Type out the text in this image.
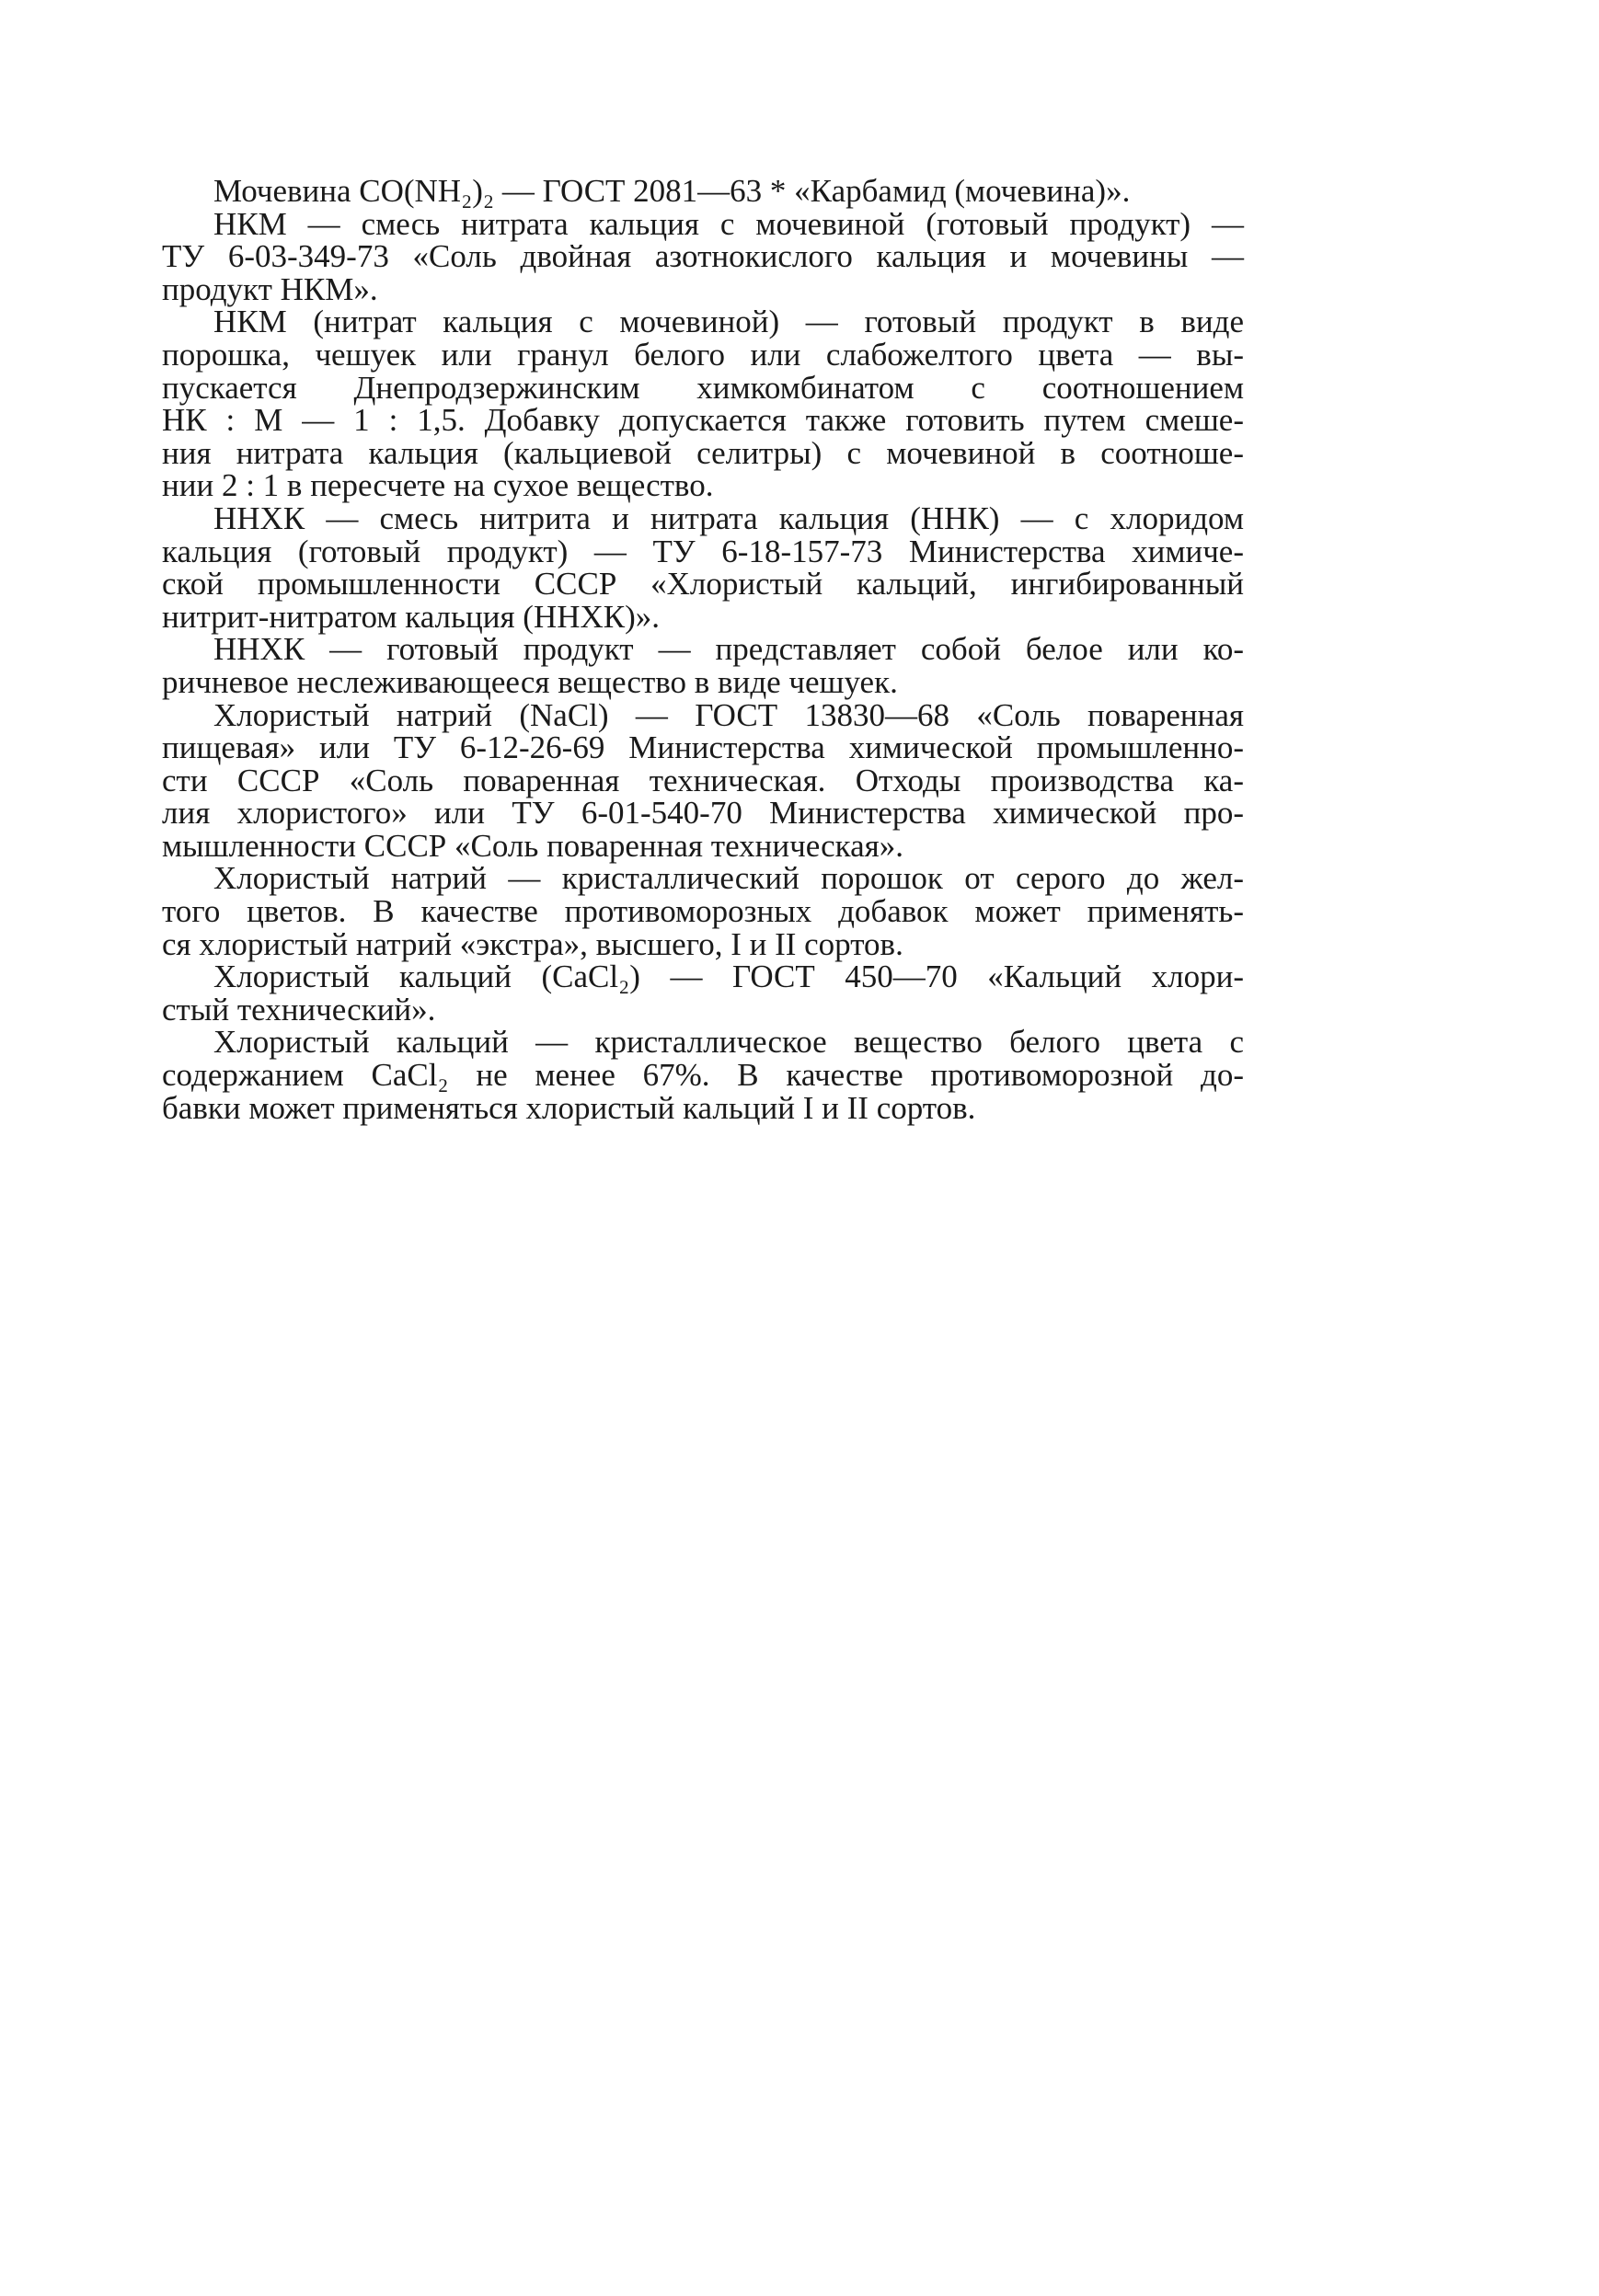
Мочевина CO(NH₂)₂ — ГОСТ 2081—63 * «Карбамид (мочевина)».

НКМ — смесь нитрата кальция с мочевиной (готовый продукт) —
ТУ 6-03-349-73 «Соль двойная азотнокислого кальция и мочевины —
продукт НКМ».

НКМ (нитрат кальция с мочевиной) — готовый продукт в виде
порошка, чешуек или гранул белого или слабожелтого цвета — вы-
пускается Днепродзержинским химкомбинатом с соотношением
НК : М — 1 : 1,5. Добавку допускается также готовить путем смеше-
ния нитрата кальция (кальциевой селитры) с мочевиной в соотноше-
нии 2 : 1 в пересчете на сухое вещество.

ННХК — смесь нитрита и нитрата кальция (ННК) — с хлоридом
кальция (готовый продукт) — ТУ 6-18-157-73 Министерства химиче-
ской промышленности СССР «Хлористый кальций, ингибированный
нитрит-нитратом кальция (ННХК)».

ННХК — готовый продукт — представляет собой белое или ко-
ричневое неслеживающееся вещество в виде чешуек.

Хлористый натрий (NaCl) — ГОСТ 13830—68 «Соль поваренная
пищевая» или ТУ 6-12-26-69 Министерства химической промышленно-
сти СССР «Соль поваренная техническая. Отходы производства ка-
лия хлористого» или ТУ 6-01-540-70 Министерства химической про-
мышленности СССР «Соль поваренная техническая».

Хлористый натрий — кристаллический порошок от серого до жел-
того цветов. В качестве противоморозных добавок может применять-
ся хлористый натрий «экстра», высшего, I и II сортов.

Хлористый кальций (CaCl₂) — ГОСТ 450—70 «Кальций хлори-
стый технический».

Хлористый кальций — кристаллическое вещество белого цвета с
содержанием CaCl₂ не менее 67%. В качестве противоморозной до-
бавки может применяться хлористый кальций I и II сортов.
